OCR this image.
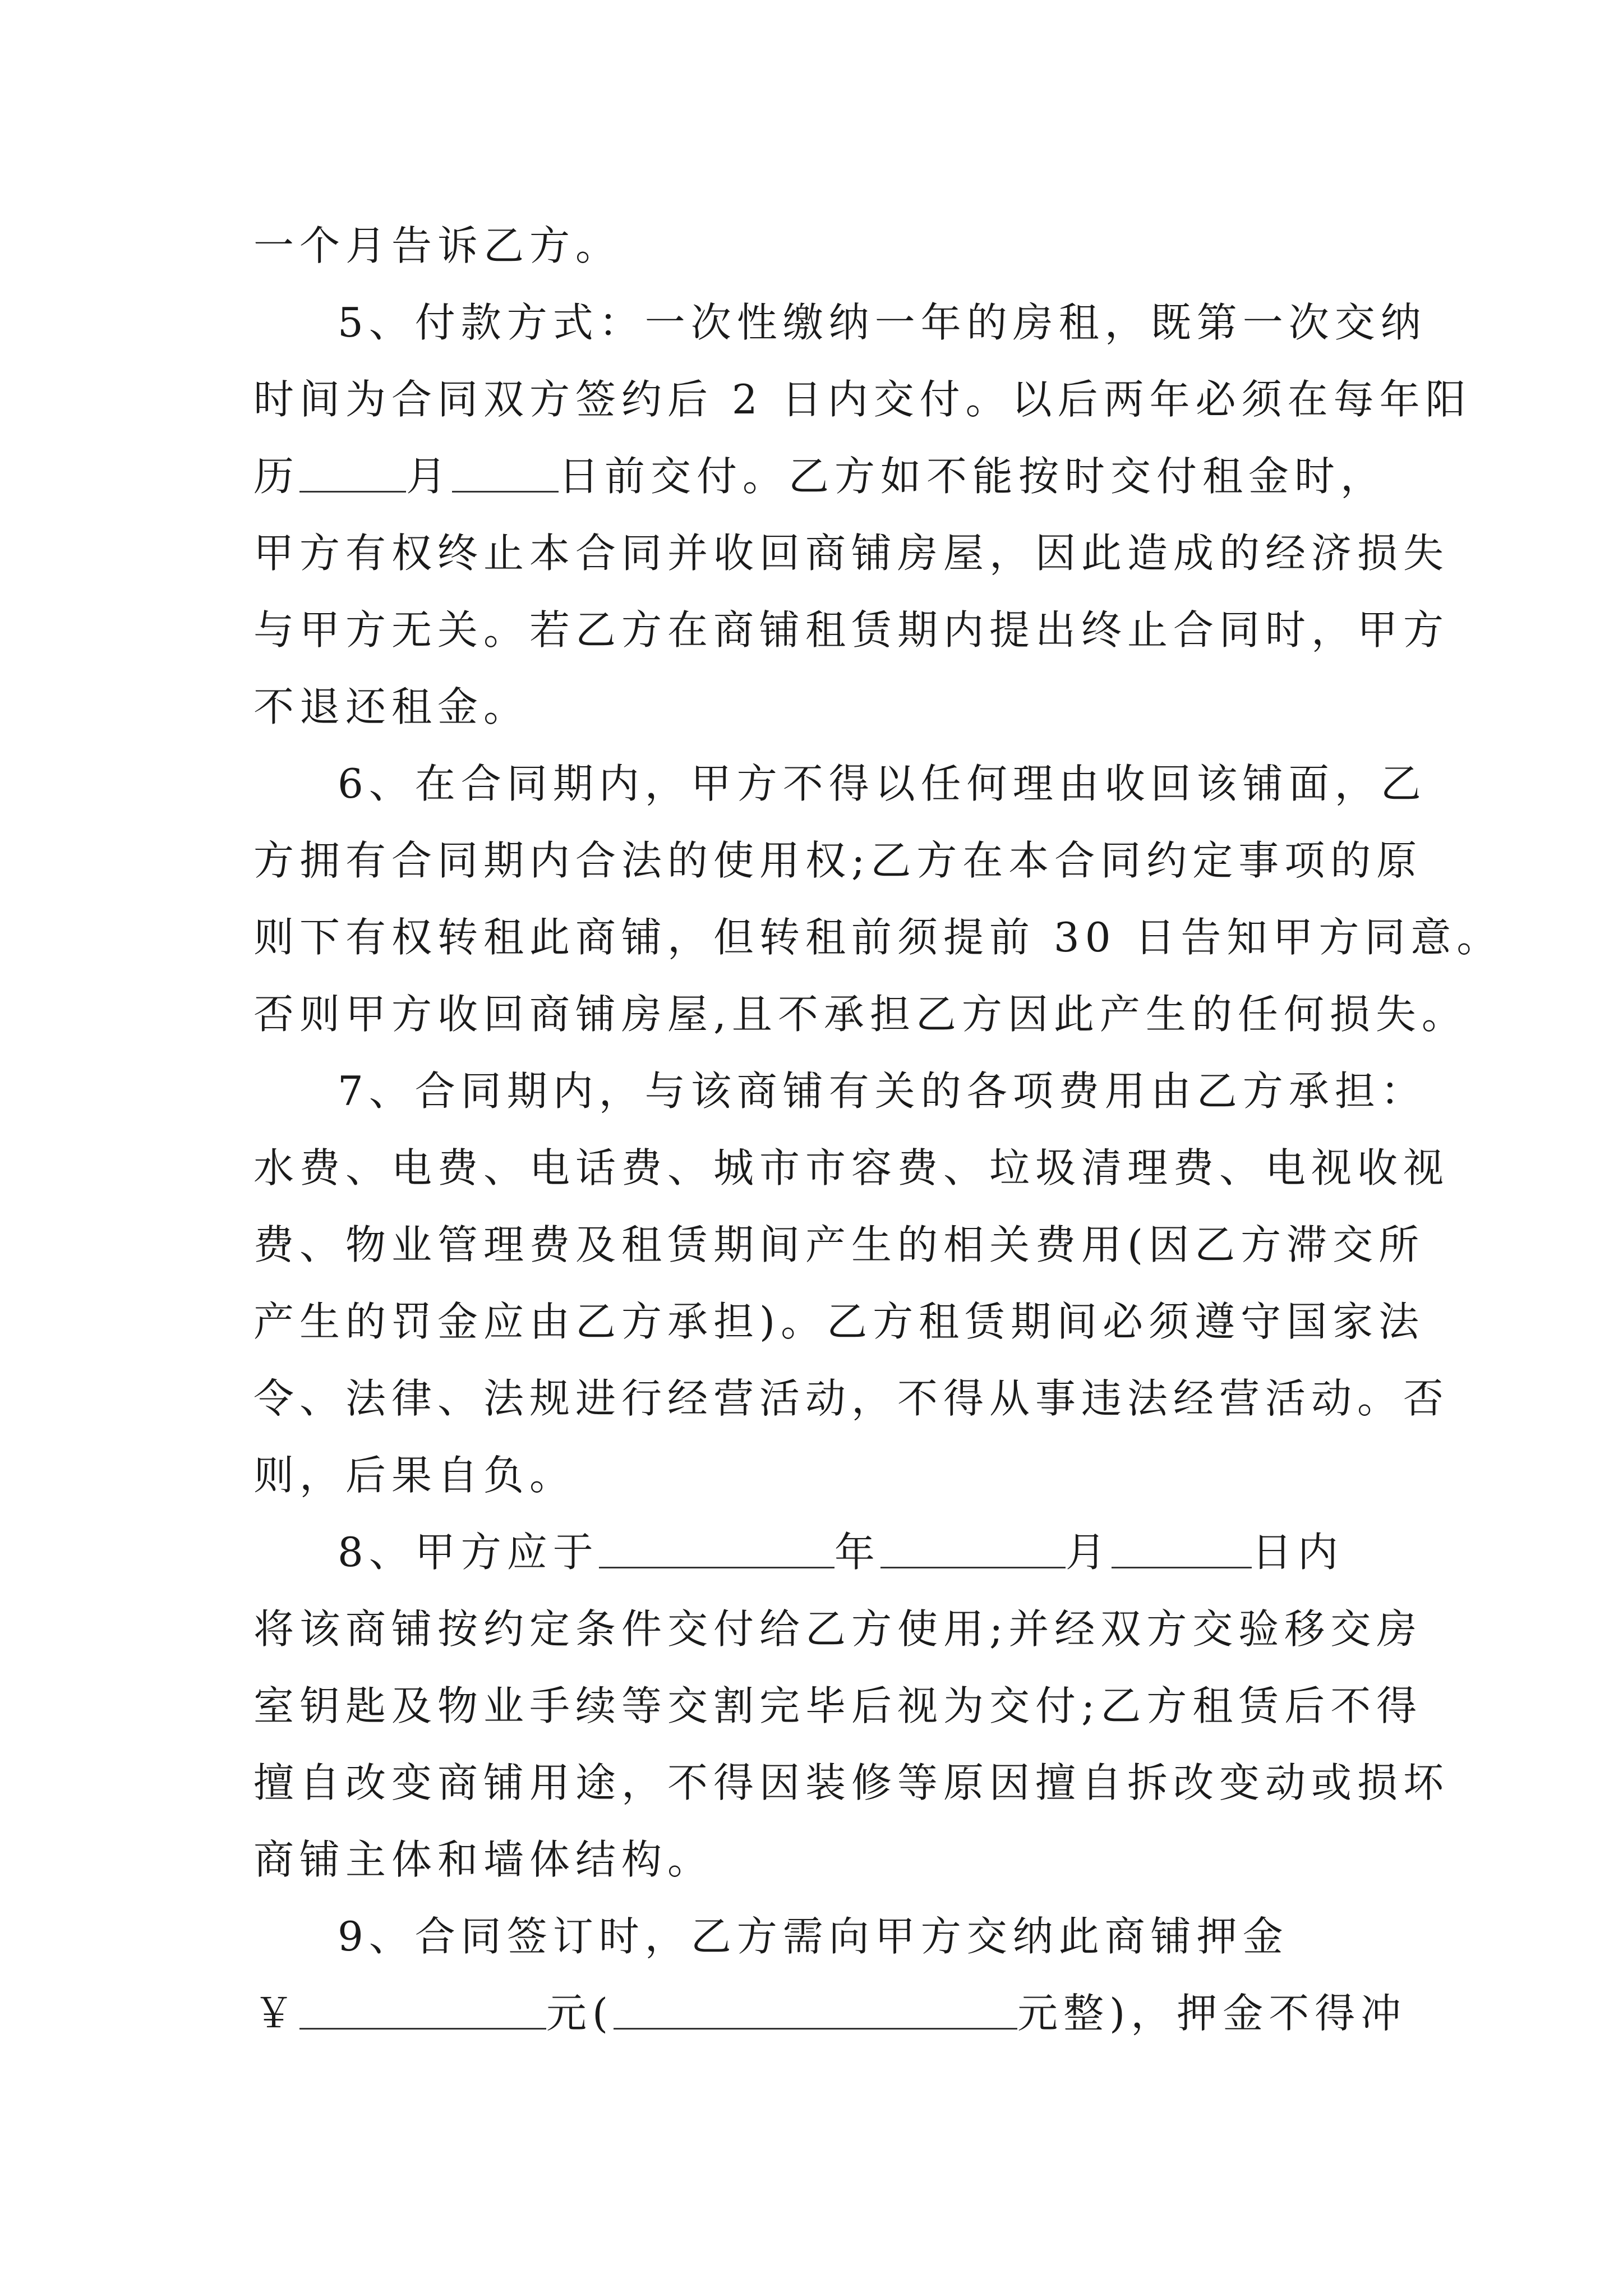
一个月告诉乙方。
5、付款方式：一次性缴纳一年的房租，既第一次交纳
时间为合同双方签约后 2 日内交付。以后两年必须在每年阳
历	月	日前交付。乙方如不能按时交付租金时，
甲方有权终止本合同并收回商铺房屋，因此造成的经济损失
与甲方无关。若乙方在商铺租赁期内提出终止合同时，甲方
不退还租金。
6、在合同期内，甲方不得以任何理由收回该铺面，乙
方拥有合同期内合法的使用权;乙方在本合同约定事项的原
则下有权转租此商铺，但转租前须提前 30 日告知甲方同意。
否则甲方收回商铺房屋,且不承担乙方因此产生的任何损失。
7、合同期内，与该商铺有关的各项费用由乙方承担：
水费、电费、电话费、城市市容费、垃圾清理费、电视收视
费、物业管理费及租赁期间产生的相关费用(因乙方滞交所
产生的罚金应由乙方承担)。乙方租赁期间必须遵守国家法
令、法律、法规进行经营活动，不得从事违法经营活动。否
则，后果自负。
8、甲方应于	年	月	日内
将该商铺按约定条件交付给乙方使用;并经双方交验移交房
室钥匙及物业手续等交割完毕后视为交付;乙方租赁后不得
擅自改变商铺用途，不得因装修等原因擅自拆改变动或损坏
商铺主体和墙体结构。
9、合同签订时，乙方需向甲方交纳此商铺押金
￥	元(	元整)，押金不得冲
